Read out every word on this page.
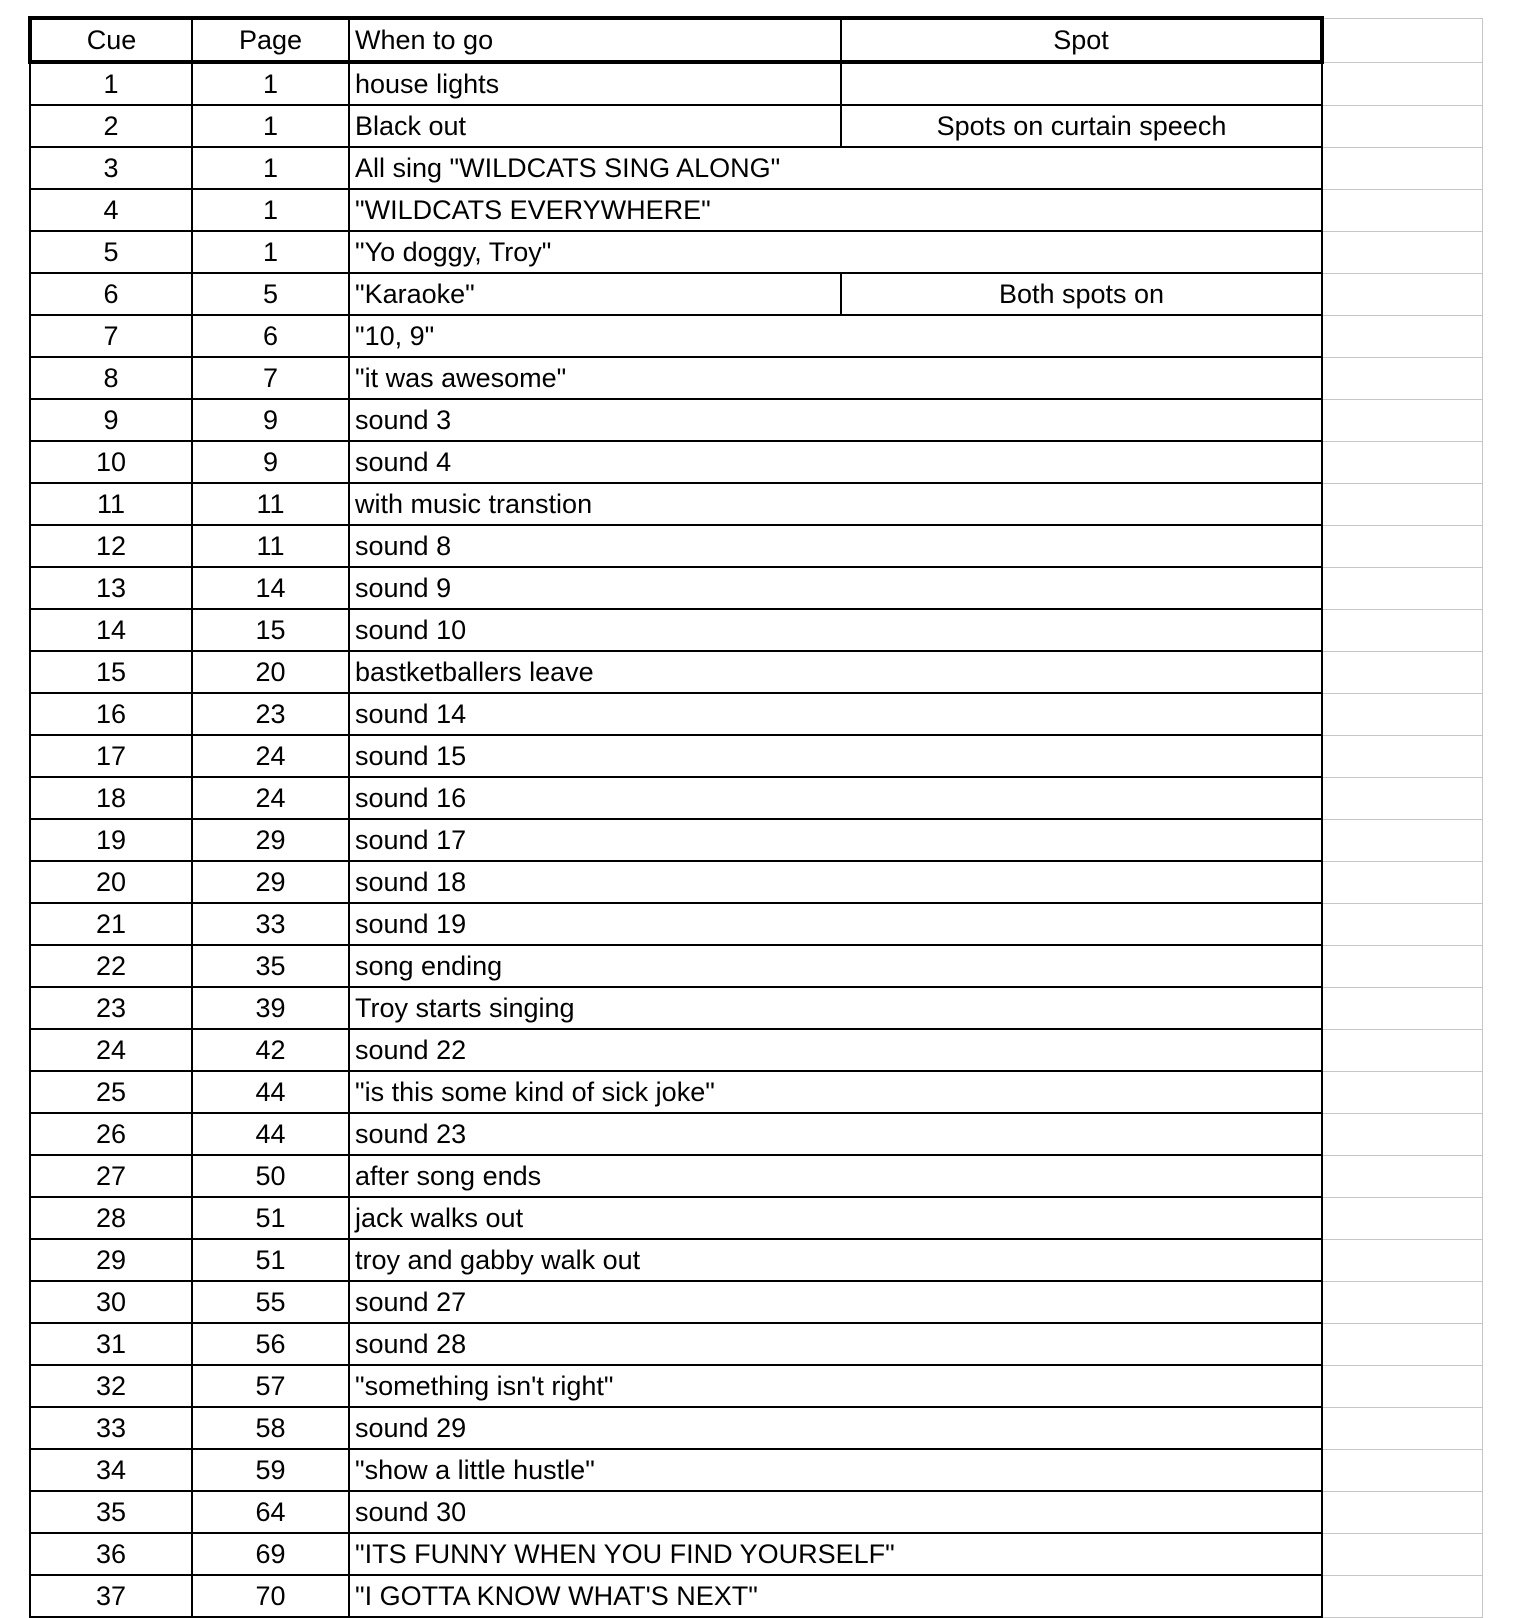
Cue	Page	When to go	Spot	
1	1	house lights		
2	1	Black out	Spots on curtain speech	
3	1	All sing "WILDCATS SING ALONG"		
4	1	"WILDCATS EVERYWHERE"		
5	1	"Yo doggy, Troy"		
6	5	"Karaoke"	Both spots on	
7	6	"10, 9"		
8	7	"it was awesome"		
9	9	sound 3		
10	9	sound 4		
11	11	with music transtion		
12	11	sound 8		
13	14	sound 9		
14	15	sound 10		
15	20	bastketballers leave		
16	23	sound 14		
17	24	sound 15		
18	24	sound 16		
19	29	sound 17		
20	29	sound 18		
21	33	sound 19		
22	35	song ending		
23	39	Troy starts singing		
24	42	sound 22		
25	44	"is this some kind of sick joke"		
26	44	sound 23		
27	50	after song ends		
28	51	jack walks out		
29	51	troy and gabby walk out		
30	55	sound 27		
31	56	sound 28		
32	57	"something isn't right"		
33	58	sound 29		
34	59	"show a little hustle"		
35	64	sound 30		
36	69	"ITS FUNNY WHEN YOU FIND YOURSELF"		
37	70	"I GOTTA KNOW WHAT'S NEXT"		
